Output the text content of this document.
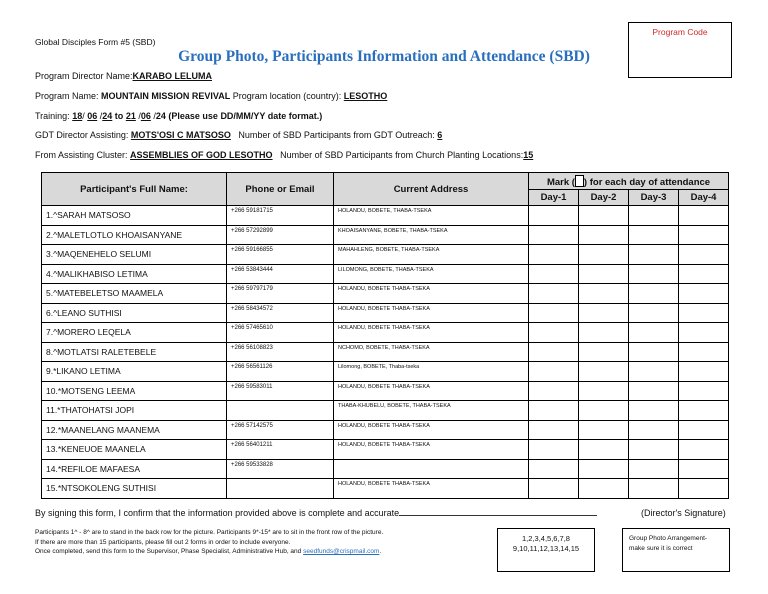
Global Disciples Form #5 (SBD)
Group Photo, Participants Information and Attendance (SBD)
Program Code
Program Director Name:KARABO LELUMA
Program Name: MOUNTAIN MISSION REVIVAL Program location (country): LESOTHO
Training: 18/ 06 /24 to 21 /06 /24 (Please use DD/MM/YY date format.)
GDT Director Assisting: MOTS'OSI C MATSOSO Number of SBD Participants from GDT Outreach: 6
From Assisting Cluster: ASSEMBLIES OF GOD LESOTHO Number of SBD Participants from Church Planting Locations:15
Participant's Full Name:	Phone or Email	Current Address	Mark ( ) for each day of attendance			
			Day-1	Day-2	Day-3	Day-4
1.^SARAH MATSOSO	+266 59181715	HOLANDU, BOBETE, THABA-TSEKA				
2.^MALETLOTLO KHOAISANYANE	+266 57292899	KHOAISANYANE, BOBETE, THABA-TSEKA				
3.^MAQENEHELO SELUMI	+266 59166855	MAHAHLENG, BOBETE, THABA-TSEKA				
4.^MALIKHABISO LETIMA	+266 53843444	LILOMONG, BOBETE, THABA-TSEKA				
5.^MATEBELETSO MAAMELA	+266 59797179	HOLANDU, BOBETE THABA-TSEKA				
6.^LEANO SUTHISI	+266 58434572	HOLANDU, BOBETE THABA-TSEKA				
7.^MORERO LEQELA	+266 57465610	HOLANDU, BOBETE THABA-TSEKA				
8.^MOTLATSI RALETEBELE	+266 56108823	NCHOMO, BOBETE, THABA-TSEKA				
9.*LIKANO LETIMA	+266 56561126	Lilomong, BOBETE, Thaba-tseka				
10.*MOTSENG LEEMA	+266 59583011	HOLANDU, BOBETE THABA-TSEKA				
11.*THATOHATSI JOPI		THABA-KHUBELU, BOBETE, THABA-TSEKA				
12.*MAANELANG MAANEMA	+266 57142575	HOLANDU, BOBETE THABA-TSEKA				
13.*KENEUOE MAANELA	+266 56401211	HOLANDU, BOBETE THABA-TSEKA				
14.*REFILOE MAFAESA	+266 59533828					
15.*NTSOKOLENG SUTHISI		HOLANDU, BOBETE THABA-TSEKA				
By signing this form, I confirm that the information provided above is complete and accurate	(Director's Signature)
Participants 1^ - 8^ are to stand in the back row for the picture. Participants 9*-15* are to sit in the front row of the picture.
If there are more than 15 participants, please fill out 2 forms in order to include everyone.
Once completed, send this form to the Supervisor, Phase Specialist, Administrative Hub, and seedfunds@crispmail.com.
1,2,3,4,5,6,7,8
9,10,11,12,13,14,15
Group Photo Arrangement-
make sure it is correct
